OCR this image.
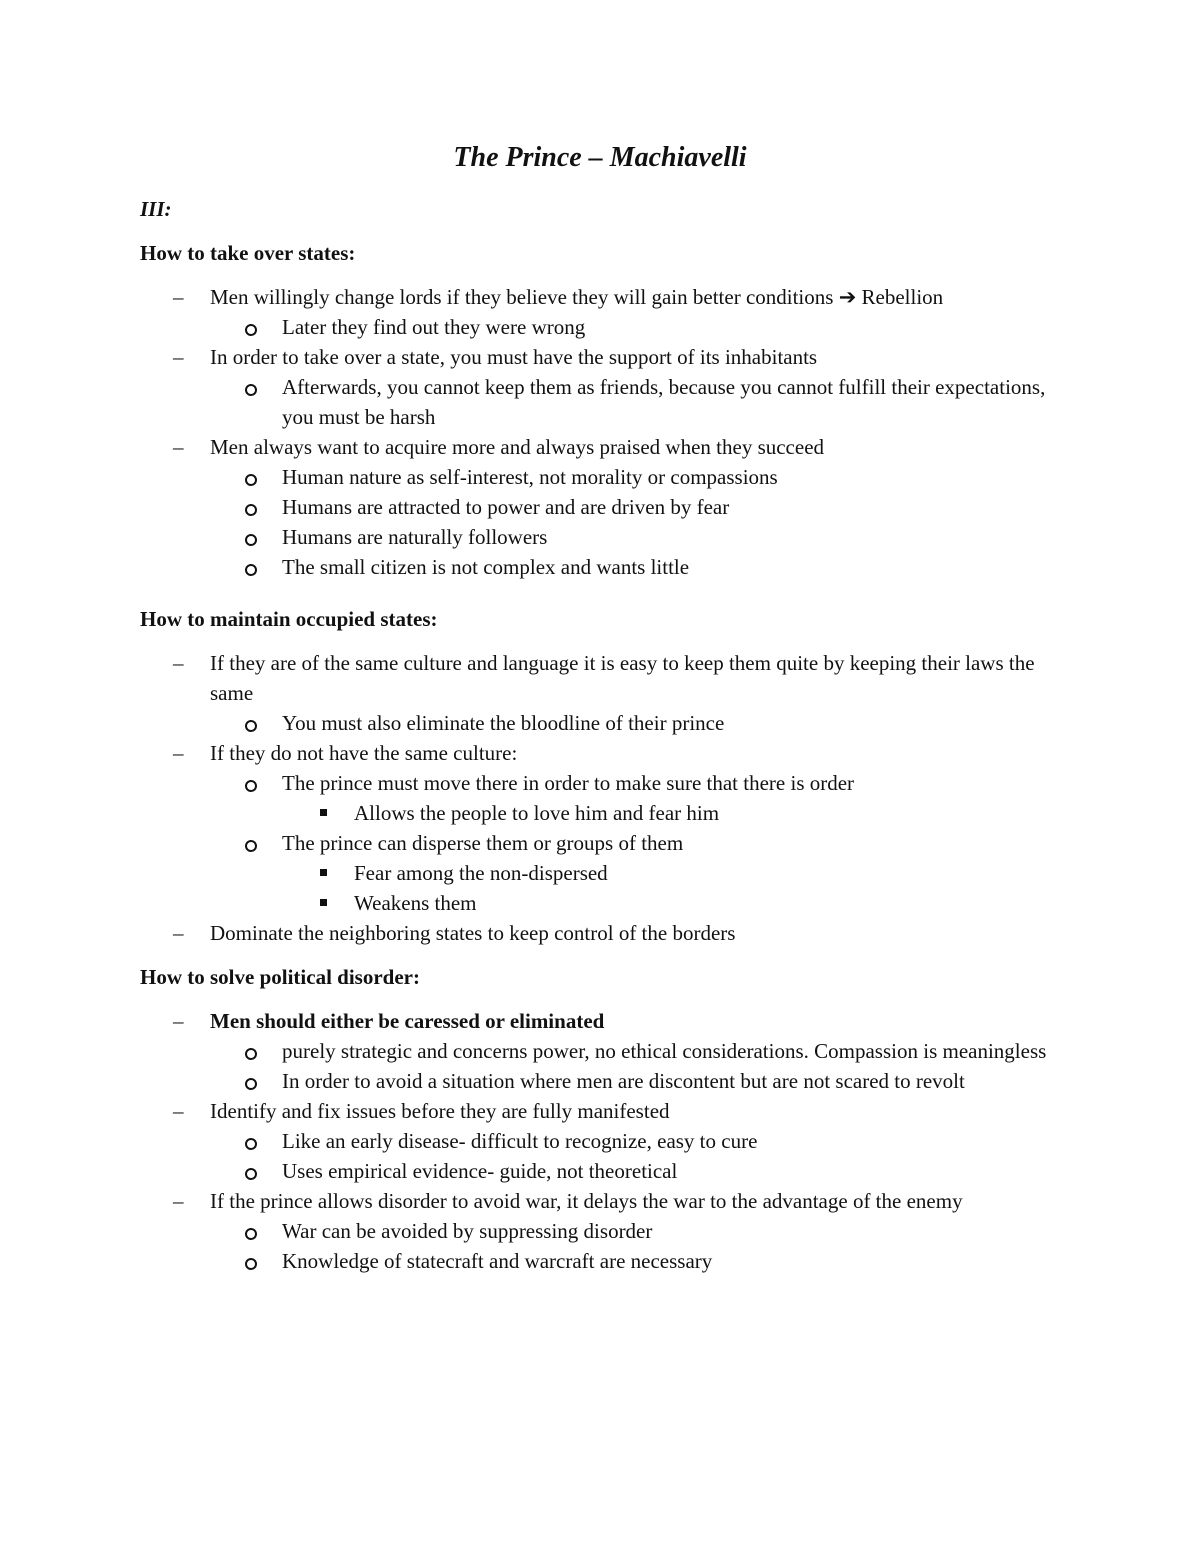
The Prince – Machiavelli
III:
How to take over states:
– Men willingly change lords if they believe they will gain better conditions ➔ Rebellion
Later they find out they were wrong
– In order to take over a state, you must have the support of its inhabitants
Afterwards, you cannot keep them as friends, because you cannot fulfill their expectations, you must be harsh
– Men always want to acquire more and always praised when they succeed
Human nature as self-interest, not morality or compassions
Humans are attracted to power and are driven by fear
Humans are naturally followers
The small citizen is not complex and wants little
How to maintain occupied states:
– If they are of the same culture and language it is easy to keep them quite by keeping their laws the same
You must also eliminate the bloodline of their prince
– If they do not have the same culture:
The prince must move there in order to make sure that there is order
Allows the people to love him and fear him
The prince can disperse them or groups of them
Fear among the non-dispersed
Weakens them
– Dominate the neighboring states to keep control of the borders
How to solve political disorder:
– Men should either be caressed or eliminated
purely strategic and concerns power, no ethical considerations. Compassion is meaningless
In order to avoid a situation where men are discontent but are not scared to revolt
– Identify and fix issues before they are fully manifested
Like an early disease- difficult to recognize, easy to cure
Uses empirical evidence- guide, not theoretical
– If the prince allows disorder to avoid war, it delays the war to the advantage of the enemy
War can be avoided by suppressing disorder
Knowledge of statecraft and warcraft are necessary
